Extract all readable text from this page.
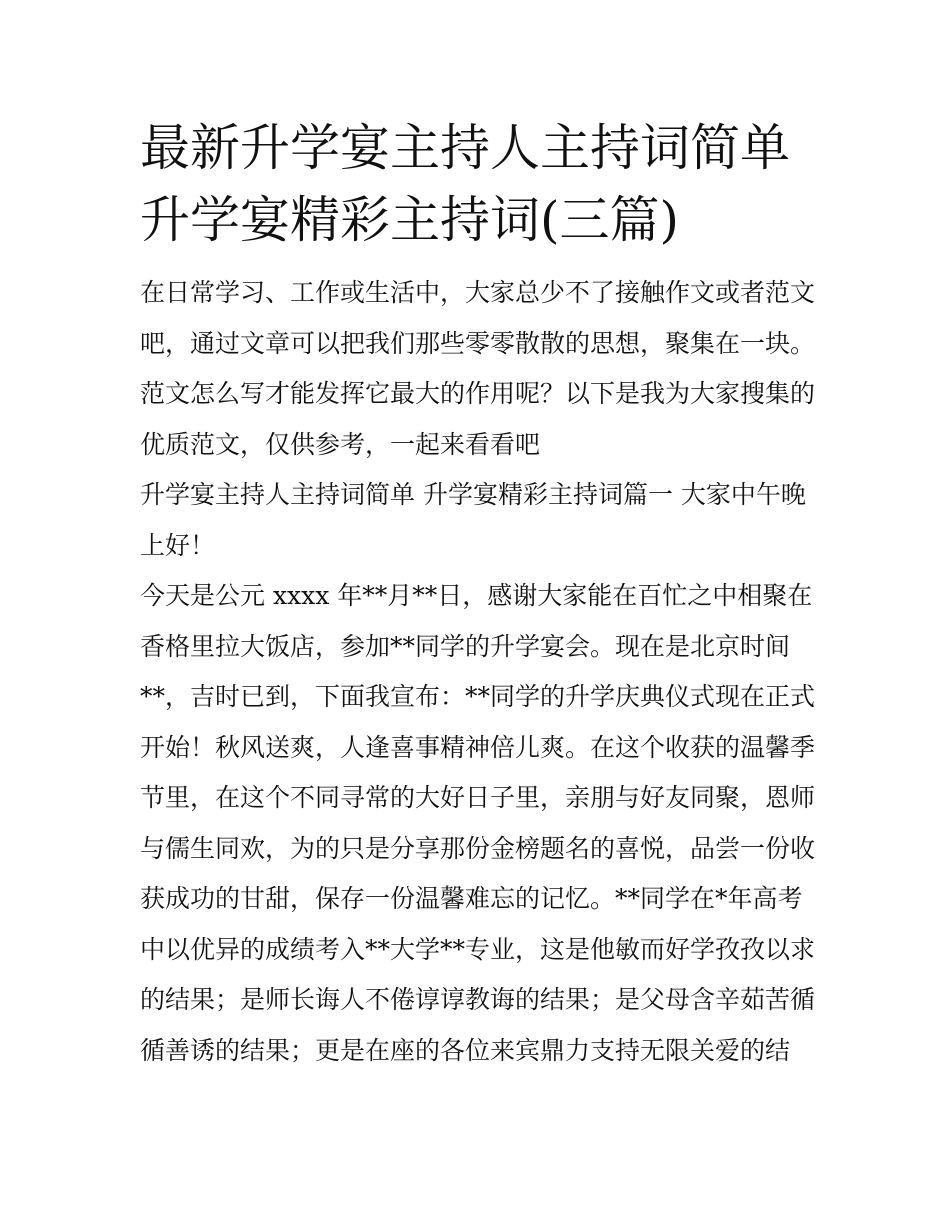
最新升学宴主持人主持词简单
升学宴精彩主持词(三篇)

在日常学习、工作或生活中，大家总少不了接触作文或者范文
吧，通过文章可以把我们那些零零散散的思想，聚集在一块。
范文怎么写才能发挥它最大的作用呢？以下是我为大家搜集的
优质范文，仅供参考，一起来看看吧

升学宴主持人主持词简单 升学宴精彩主持词篇一 大家中午晚
上好！

今天是公元 xxxx 年**月**日，感谢大家能在百忙之中相聚在
香格里拉大饭店，参加**同学的升学宴会。现在是北京时间
**，吉时已到，下面我宣布：**同学的升学庆典仪式现在正式
开始！秋风送爽，人逢喜事精神倍儿爽。在这个收获的温馨季
节里，在这个不同寻常的大好日子里，亲朋与好友同聚，恩师
与儒生同欢，为的只是分享那份金榜题名的喜悦，品尝一份收
获成功的甘甜，保存一份温馨难忘的记忆。**同学在*年高考
中以优异的成绩考入**大学**专业，这是他敏而好学孜孜以求
的结果；是师长诲人不倦谆谆教诲的结果；是父母含辛茹苦循
循善诱的结果；更是在座的各位来宾鼎力支持无限关爱的结
